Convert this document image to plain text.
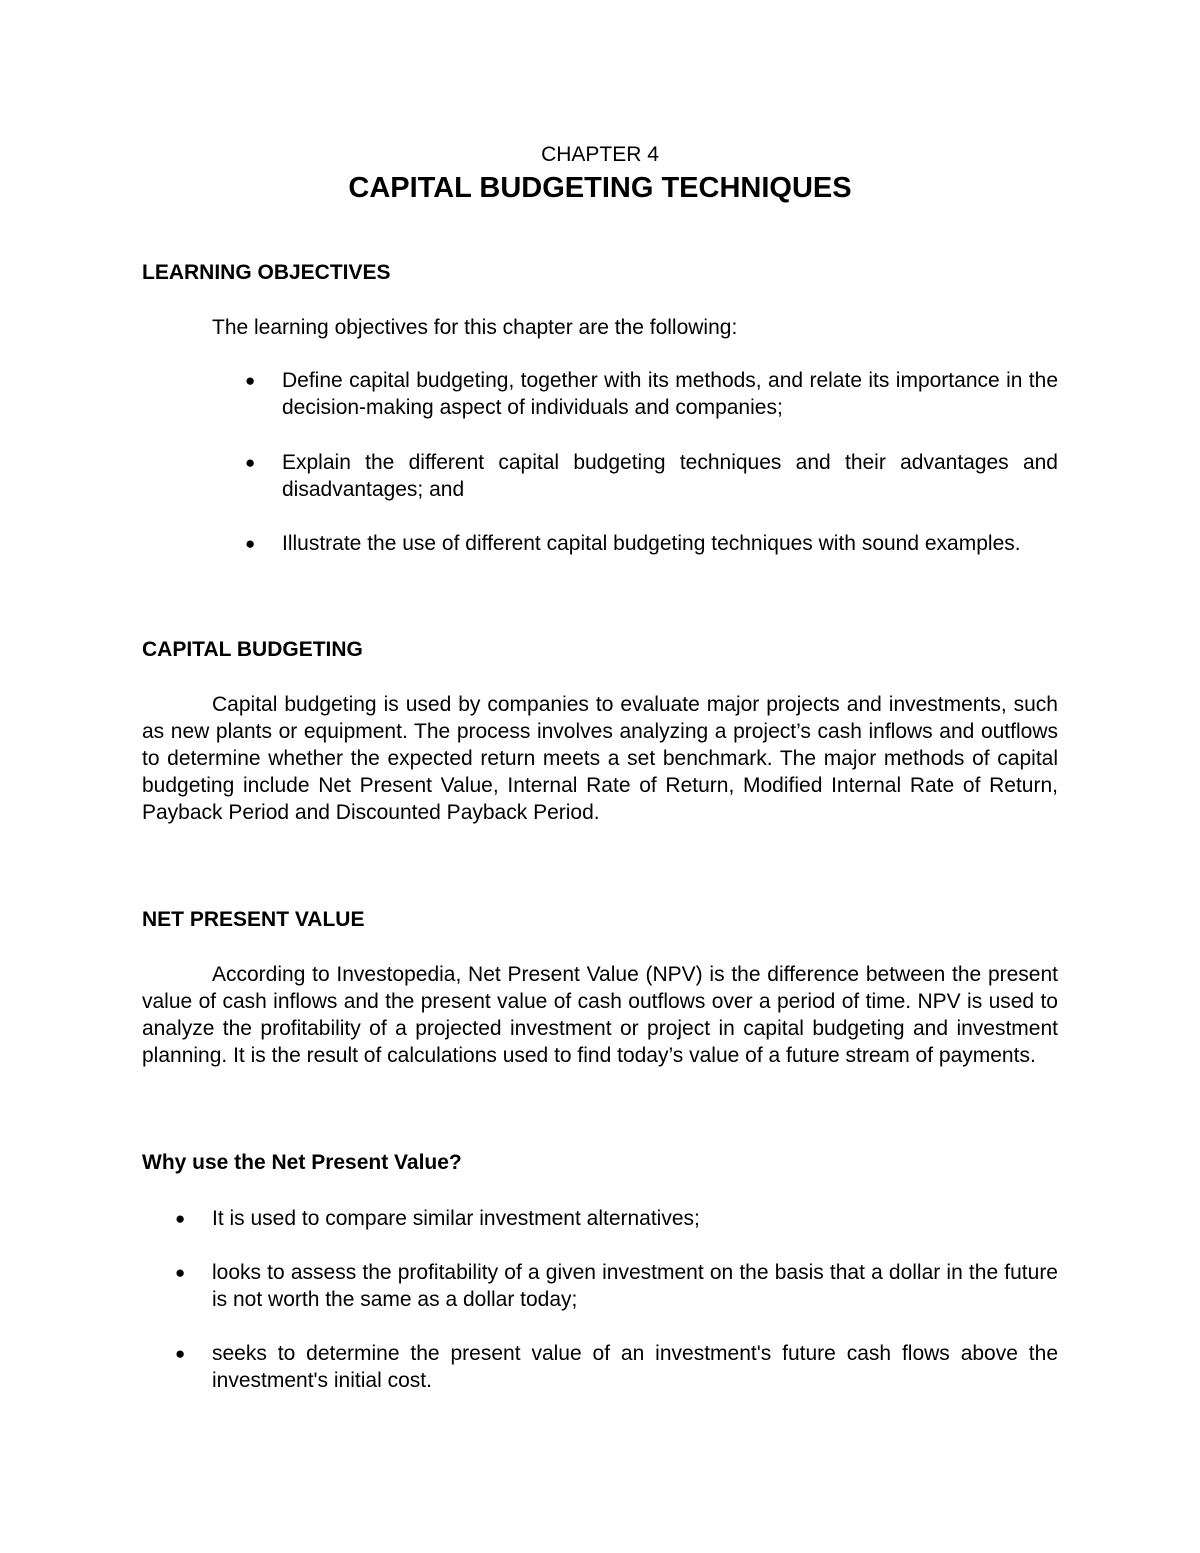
CHAPTER 4
CAPITAL BUDGETING TECHNIQUES
LEARNING OBJECTIVES
The learning objectives for this chapter are the following:
● Define capital budgeting, together with its methods, and relate its importance in the decision-making aspect of individuals and companies;
● Explain the different capital budgeting techniques and their advantages and disadvantages; and
● Illustrate the use of different capital budgeting techniques with sound examples.
CAPITAL BUDGETING
Capital budgeting is used by companies to evaluate major projects and investments, such as new plants or equipment. The process involves analyzing a project’s cash inflows and outflows to determine whether the expected return meets a set benchmark. The major methods of capital budgeting include Net Present Value, Internal Rate of Return, Modified Internal Rate of Return, Payback Period and Discounted Payback Period.
NET PRESENT VALUE
According to Investopedia, Net Present Value (NPV) is the difference between the present value of cash inflows and the present value of cash outflows over a period of time. NPV is used to analyze the profitability of a projected investment or project in capital budgeting and investment planning. It is the result of calculations used to find today’s value of a future stream of payments.
Why use the Net Present Value?
● It is used to compare similar investment alternatives;
● looks to assess the profitability of a given investment on the basis that a dollar in the future is not worth the same as a dollar today;
● seeks to determine the present value of an investment's future cash flows above the investment's initial cost.
